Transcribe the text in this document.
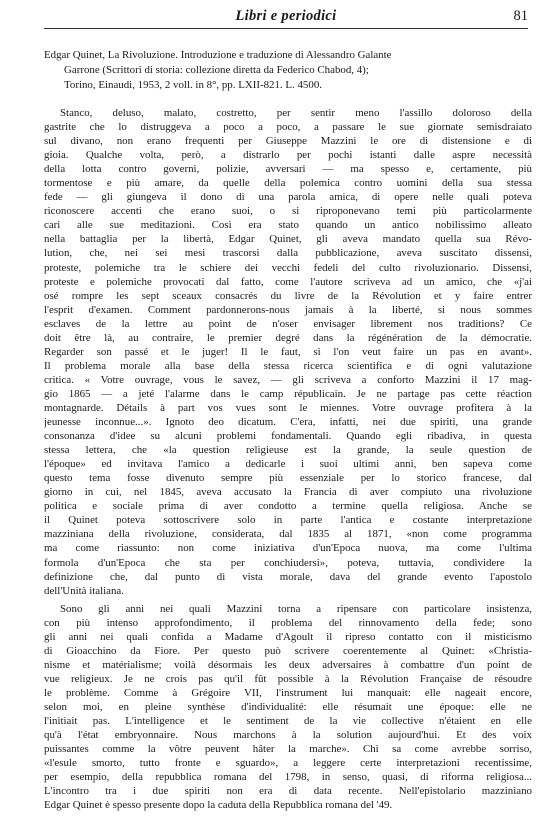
Libri e periodici	81
Edgar Quinet, La Rivoluzione. Introduzione e traduzione di Alessandro Galante
Garrone (Scrittori di storia: collezione diretta da Federico Chabod, 4);
Torino, Einaudi, 1953, 2 voll. in 8°, pp. LXII-821. L. 4500.
Stanco, deluso, malato, costretto, per sentir meno l'assillo doloroso della
gastrite che lo distruggeva a poco a poco, a passare le sue giornate semisdraiato
sul divano, non erano frequenti per Giuseppe Mazzini le ore di distensione e di
gioia. Qualche volta, però, a distrarlo per pochi istanti dalle aspre necessità
della lotta contro governi, polizie, avversari — ma spesso e, certamente, più
tormentose e più amare, da quelle della polemica contro uomini della sua stessa
fede — gli giungeva il dono di una parola amica, di opere nelle quali poteva
riconoscere accenti che erano suoi, o si riproponevano temi più particolarmente
cari alle sue meditazioni. Così era stato quando un antico nobilissimo alleato
nella battaglia per la libertà, Edgar Quinet, gli aveva mandato quella sua Révo-
lution, che, nei sei mesi trascorsi dalla pubblicazione, aveva suscitato dissensi,
proteste, polemiche tra le schiere dei vecchi fedeli del culto rivoluzionario. Dissensi,
proteste e polemiche provocati dal fatto, come l'autore scriveva ad un amico, che «j'ai
osé rompre les sept sceaux consacrés du livre de la Révolution et y faire entrer
l'esprit d'examen. Comment pardonnerons-nous jamais à la liberté, si nous sommes
esclaves de la lettre au point de n'oser envisager librement nos traditions? Ce
doit être là, au contraire, le premier degré dans la régénération de la démocratie.
Regarder son passé et le juger! Il le faut, si l'on veut faire un pas en avant».
Il problema morale alla base della stessa ricerca scientifica e di ogni valutazione
critica. « Votre ouvrage, vous le savez, — gli scriveva a conforto Mazzini il 17 mag-
gio 1865 — a jeté l'alarme dans le camp républicain. Je ne partage pas cette réaction
montagnarde. Détails à part vos vues sont le miennes. Votre ouvrage profitera à la
jeunesse inconnue...». Ignoto deo dicatum. C'era, infatti, nei due spiriti, una grande
consonanza d'idee su alcuni problemi fondamentali. Quando egli ribadiva, in questa
stessa lettera, che «la question religieuse est la grande, la seule question de
l'époque» ed invitava l'amico a dedicarle i suoi ultimi anni, ben sapeva come
questo tema fosse divenuto sempre più essenziale per lo storico francese, dal
giorno in cui, nel 1845, aveva accusato la Francia di aver compiuto una rivoluzione
politica e sociale prima di aver condotto a termine quella religiosa. Anche se
il Quinet poteva sottoscrivere solo in parte l'antica e costante interpretazione
mazziniana della rivoluzione, considerata, dal 1835 al 1871, «non come programma
ma come riassunto: non come iniziativa d'un'Epoca nuova, ma come l'ultima
formola d'un'Epoca che sta per conchiudersi», poteva, tuttavia, condividere la
definizione che, dal punto di vista morale, dava del grande evento l'apostolo
dell'Unità italiana.
Sono gli anni nei quali Mazzini torna a ripensare con particolare insistenza,
con più intenso approfondimento, il problema del rinnovamento della fede; sono
gli anni nei quali confida a Madame d'Agoult il ripreso contatto con il misticismo
di Gioacchino da Fiore. Per questo può scrivere coerentemente al Quinet: «Christia-
nisme et matérialisme; voilà désormais les deux adversaires à combattre d'un point de
vue religieux. Je ne crois pas qu'il fût possible à la Révolution Française de résoudre
le problème. Comme à Grégoire VII, l'instrument lui manquait: elle nageait encore,
selon moi, en pleine synthèse d'individualité: elle résumait une époque: elle ne
l'initiait pas. L'intelligence et le sentiment de la vie collective n'étaient en elle
qu'à l'état embryonnaire. Nous marchons à la solution aujourd'hui. Et des voix
puissantes comme la vôtre peuvent hâter la marche». Chi sa come avrebbe sorriso,
«l'esule smorto, tutto fronte e sguardo», a leggere certe interpretazioni recentissime,
per esempio, della repubblica romana del 1798, in senso, quasi, di riforma religiosa...
L'incontro tra i due spiriti non era di data recente. Nell'epistolario mazziniano
Edgar Quinet è spesso presente dopo la caduta della Repubblica romana del '49.
